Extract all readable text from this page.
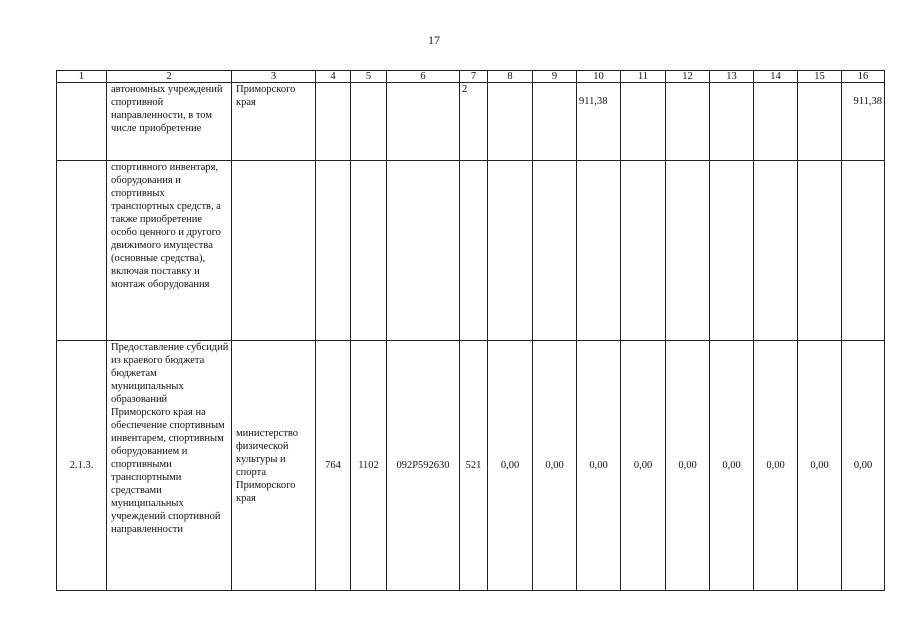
17
1	2	3	4	5	6	7	8	9	10	11	12	13	14	15	16
	автономных учреждений спортивной направленности, в том числе приобретение	Приморского края				2			911,38						911,38
	спортивного инвентаря, оборудования и спортивных транспортных средств, а также приобретение особо ценного и другого движимого имущества (основные средства), включая поставку и монтаж оборудования														
2.1.3.	Предоставление субсидий из краевого бюджета бюджетам муниципальных образований Приморского края на обеспечение спортивным инвентарем, спортивным оборудованием и спортивными транспортными средствами муниципальных учреждений спортивной направленности	министерство физической культуры и спорта Приморского края	764	1102	092P592630	521	0,00	0,00	0,00	0,00	0,00	0,00	0,00	0,00	0,00
